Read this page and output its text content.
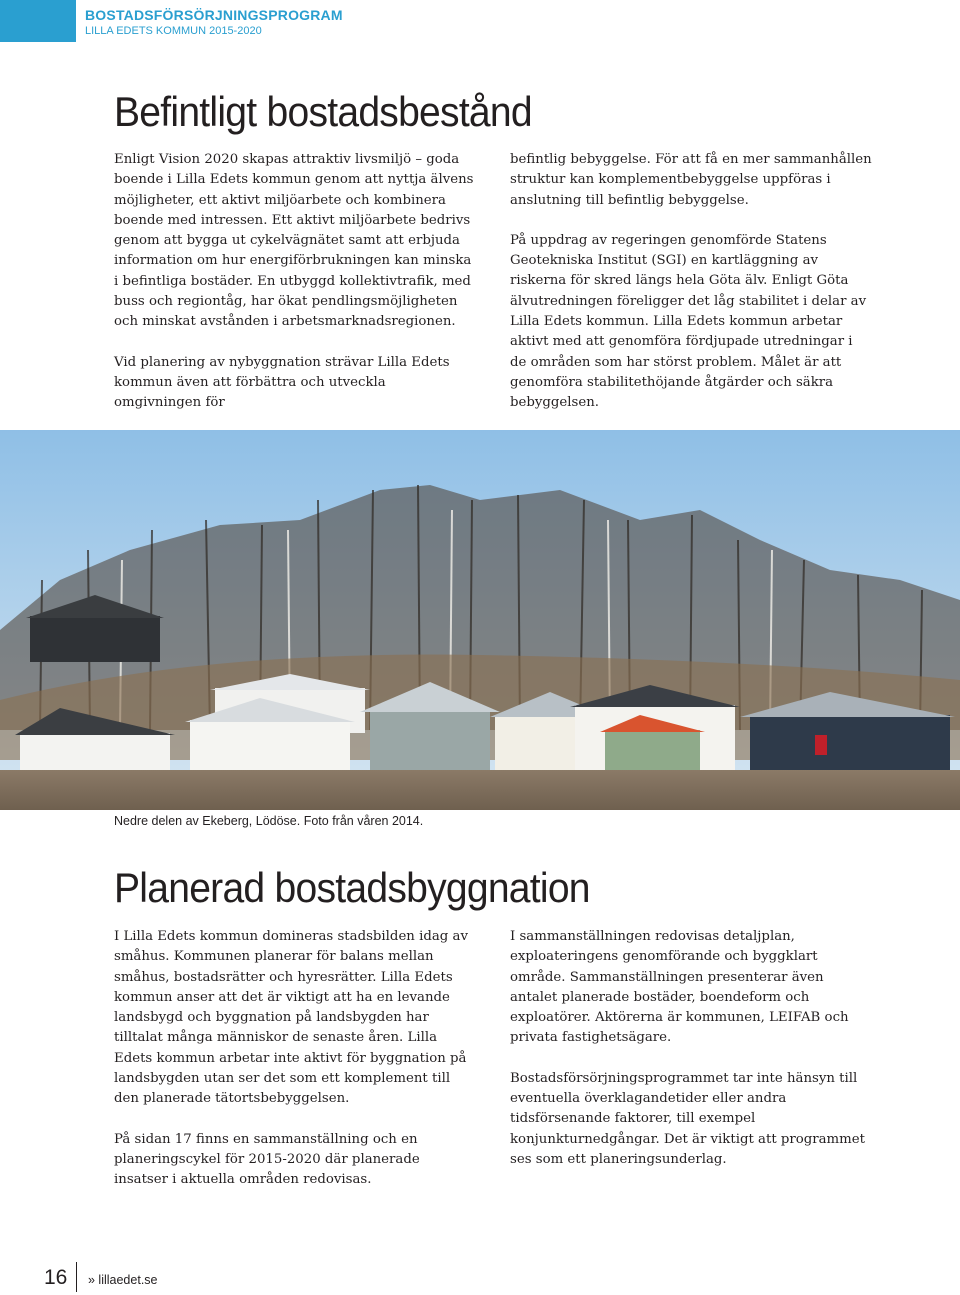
BOSTADSFÖRSÖRJNINGSPROGRAM
LILLA EDETS KOMMUN 2015-2020
Befintligt bostadsbestånd

Enligt Vision 2020 skapas attraktiv livsmiljö – goda boende i Lilla Edets kommun genom att nyttja älvens möjligheter, ett aktivt miljöarbete och kombinera boende med intressen. Ett aktivt miljöarbete bedrivs genom att bygga ut cykelvägnätet samt att erbjuda information om hur energiförbrukningen kan minska i befintliga bostäder. En utbyggd kollektivtrafik, med buss och regiontåg, har ökat pendlingsmöjligheten och minskat avstånden i arbetsmarknadsregionen.

Vid planering av nybyggnation strävar Lilla Edets kommun även att förbättra och utveckla omgivningen för

befintlig bebyggelse. För att få en mer sammanhållen struktur kan komplementbebyggelse uppföras i anslutning till befintlig bebyggelse.

På uppdrag av regeringen genomförde Statens Geotekniska Institut (SGI) en kartläggning av riskerna för skred längs hela Göta älv. Enligt Göta älvutredningen föreligger det låg stabilitet i delar av Lilla Edets kommun. Lilla Edets kommun arbetar aktivt med att genomföra fördjupade utredningar i de områden som har störst problem. Målet är att genomföra stabilitethöjande åtgärder och säkra bebyggelsen.

Nedre delen av Ekeberg, Lödöse. Foto från våren 2014.
Planerad bostadsbyggnation

I Lilla Edets kommun domineras stadsbilden idag av småhus. Kommunen planerar för balans mellan småhus, bostadsrätter och hyresrätter. Lilla Edets kommun anser att det är viktigt att ha en levande landsbygd och byggnation på landsbygden har tilltalat många människor de senaste åren. Lilla Edets kommun arbetar inte aktivt för byggnation på landsbygden utan ser det som ett komplement till den planerade tätortsbebyggelsen.

På sidan 17 finns en sammanställning och en planeringscykel för 2015-2020 där planerade insatser i aktuella områden redovisas.

I sammanställningen redovisas detaljplan, exploateringens genomförande och byggklart område. Sammanställningen presenterar även antalet planerade bostäder, boendeform och exploatörer. Aktörerna är kommunen, LEIFAB och privata fastighetsägare.

Bostadsförsörjningsprogrammet tar inte hänsyn till eventuella överklagandetider eller andra tidsförsenande faktorer, till exempel konjunkturnedgångar. Det är viktigt att programmet ses som ett planeringsunderlag.

16 » lillaedet.se
